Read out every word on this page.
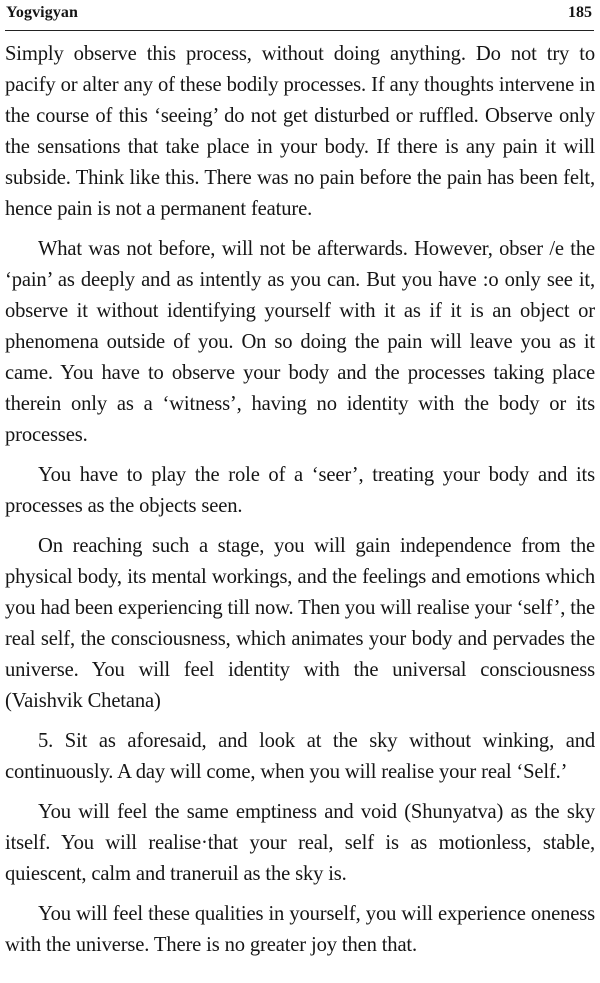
Yogvigyan	185

Simply observe this process, without doing anything. Do not try to pacify or alter any of these bodily processes. If any thoughts intervene in the course of this ‘seeing’ do not get disturbed or ruffled. Observe only the sensations that take place in your body. If there is any pain it will subside. Think like this. There was no pain before the pain has been felt, hence pain is not a permanent feature.

What was not before, will not be afterwards. However, obser /e the ‘pain’ as deeply and as intently as you can. But you have :o only see it, observe it without identifying yourself with it as if it is an object or phenomena outside of you. On so doing the pain will leave you as it came. You have to observe your body and the processes taking place therein only as a ‘witness’, having no identity with the body or its processes.

You have to play the role of a ‘seer’, treating your body and its processes as the objects seen.

On reaching such a stage, you will gain independence from the physical body, its mental workings, and the feelings and emotions which you had been experiencing till now. Then you will realise your ‘self’, the real self, the consciousness, which animates your body and pervades the universe. You will feel identity with the universal consciousness (Vaishvik Chetana)

5. Sit as aforesaid, and look at the sky without winking, and continuously. A day will come, when you will realise your real ‘Self.’

You will feel the same emptiness and void (Shunyatva) as the sky itself. You will realise·that your real, self is as motionless, stable, quiescent, calm and traneruil as the sky is.

You will feel these qualities in yourself, you will experience oneness with the universe. There is no greater joy then that.
